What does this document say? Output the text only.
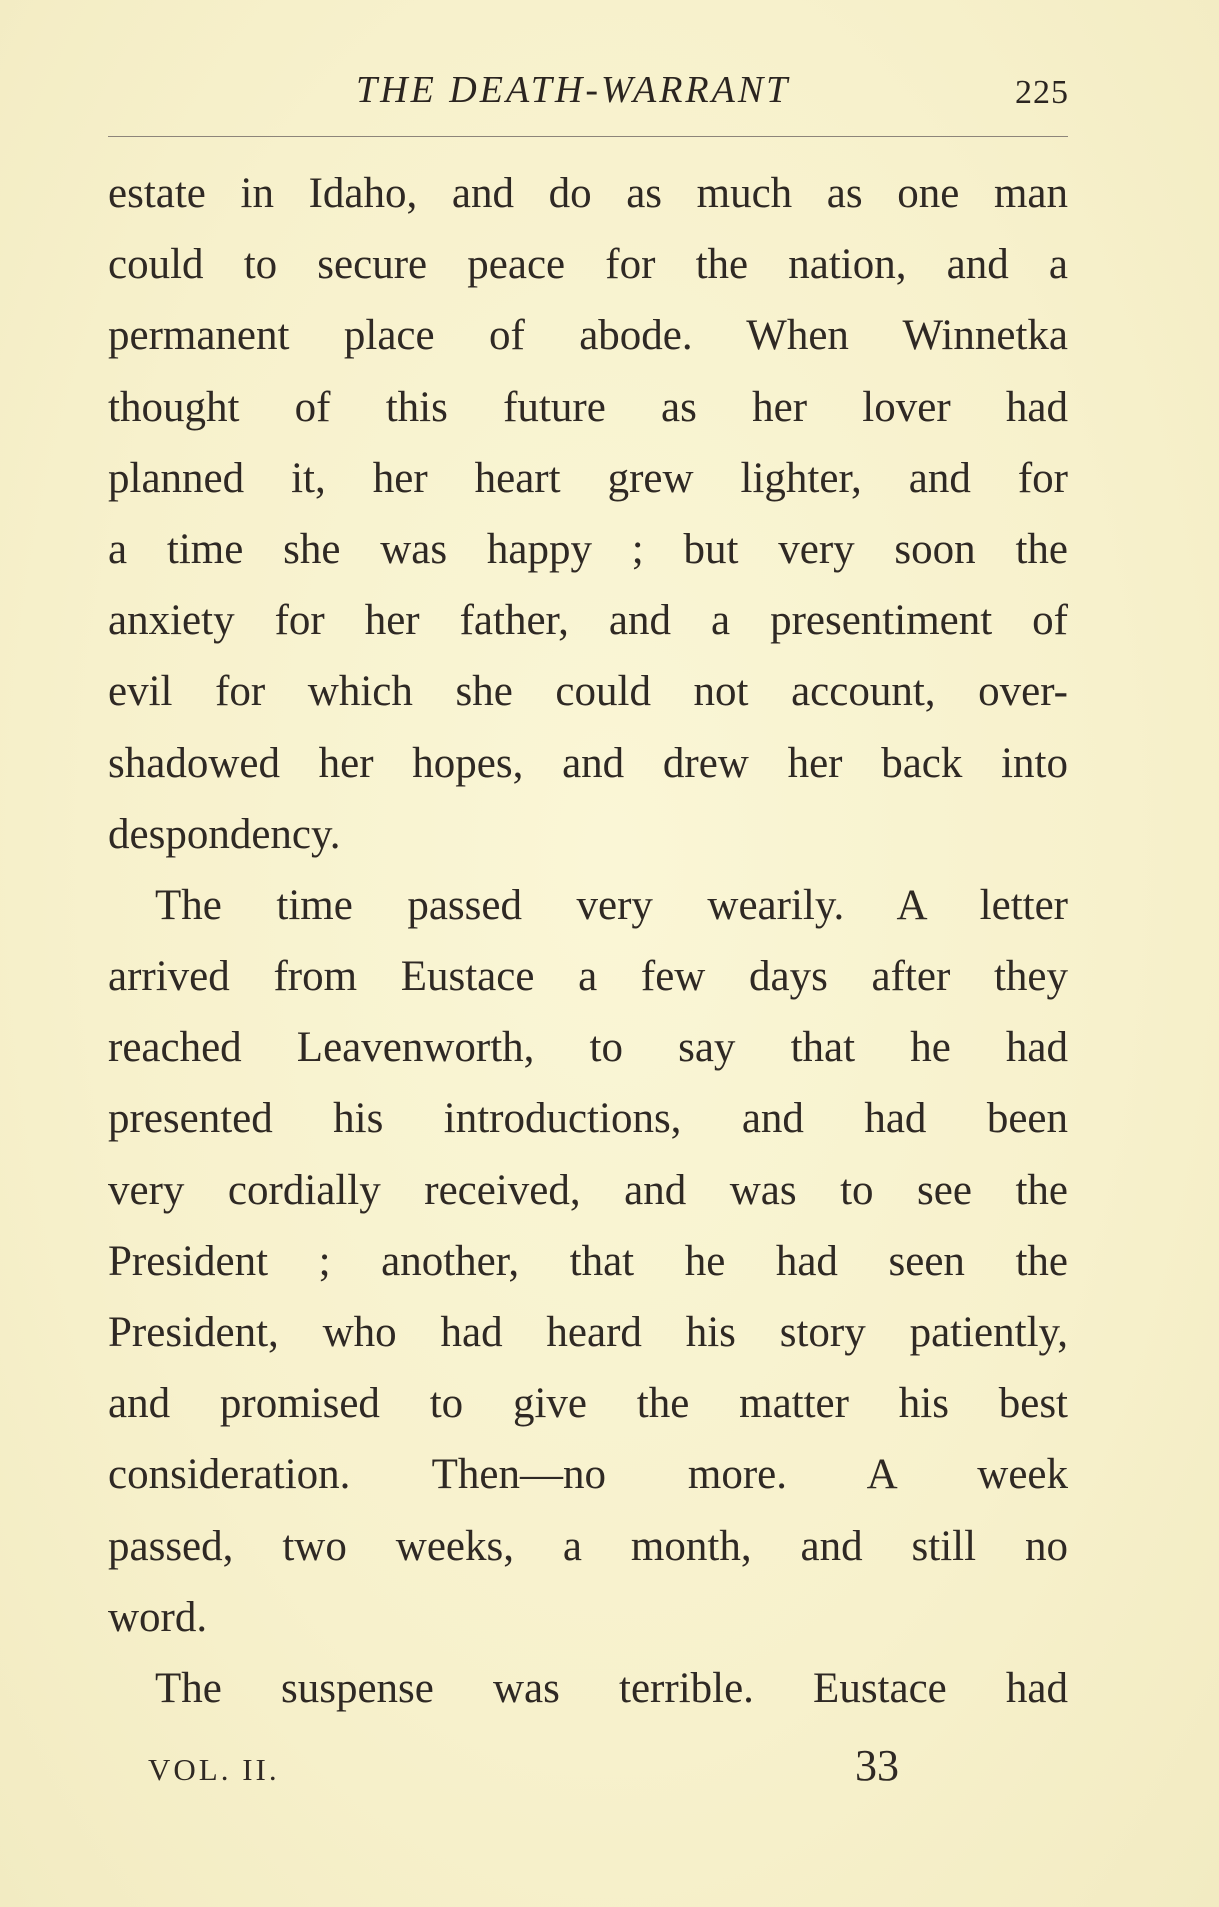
THE DEATH-WARRANT	225
estate in Idaho, and do as much as one man
could to secure peace for the nation, and a
permanent place of abode. When Winnetka
thought of this future as her lover had
planned it, her heart grew lighter, and for
a time she was happy ; but very soon the
anxiety for her father, and a presentiment of
evil for which she could not account, over-
shadowed her hopes, and drew her back into
despondency.
The time passed very wearily. A letter
arrived from Eustace a few days after they
reached Leavenworth, to say that he had
presented his introductions, and had been
very cordially received, and was to see the
President ; another, that he had seen the
President, who had heard his story patiently,
and promised to give the matter his best
consideration. Then—no more. A week
passed, two weeks, a month, and still no
word.
The suspense was terrible. Eustace had
VOL. II.	33
